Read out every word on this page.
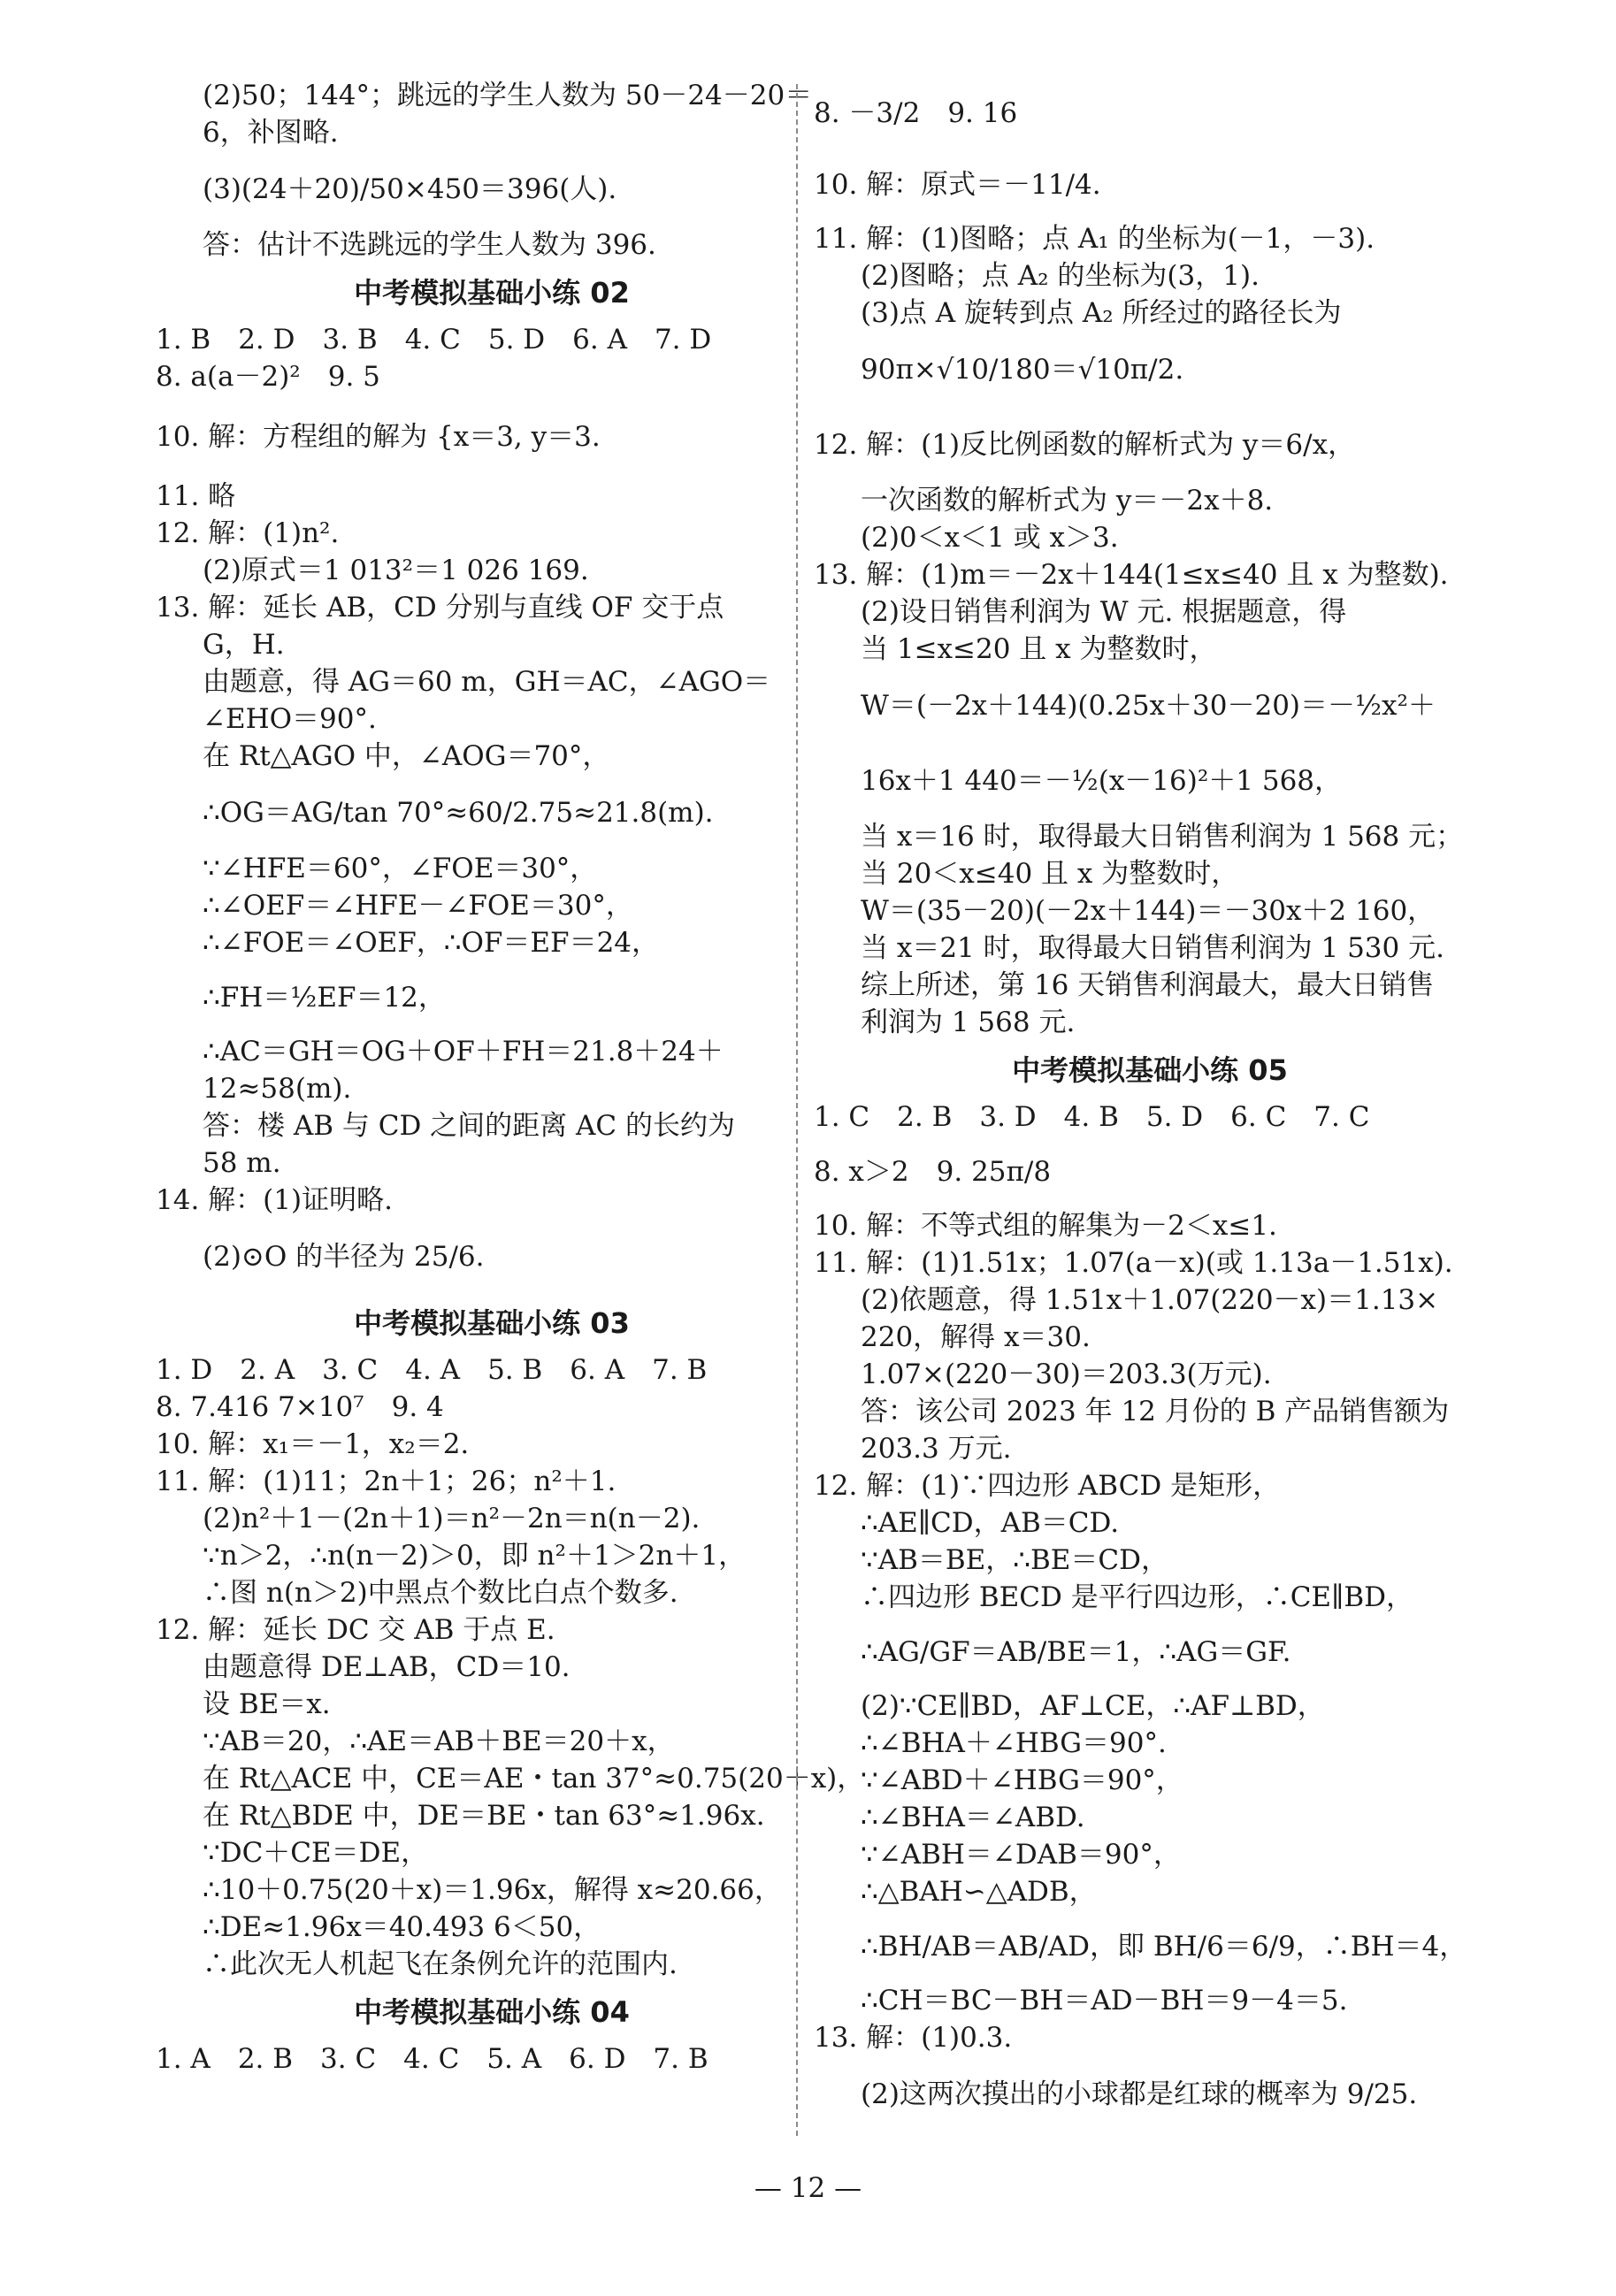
(2)50；144°；跳远的学生人数为 50－24－20＝
6，补图略.
(3)(24＋20)/50×450＝396(人).
答：估计不选跳远的学生人数为 396.
中考模拟基础小练 02
1. B　2. D　3. B　4. C　5. D　6. A　7. D
8. a(a－2)²　9. 5
10. 解：方程组的解为 {x＝3, y＝3.
11. 略
12. 解：(1)n².
(2)原式＝1 013²＝1 026 169.
13. 解：延长 AB，CD 分别与直线 OF 交于点
G，H.
由题意，得 AG＝60 m，GH＝AC，∠AGO＝
∠EHO＝90°.
在 Rt△AGO 中，∠AOG＝70°，
∴OG＝AG/tan 70°≈60/2.75≈21.8(m).
∵∠HFE＝60°，∠FOE＝30°，
∴∠OEF＝∠HFE－∠FOE＝30°，
∴∠FOE＝∠OEF，∴OF＝EF＝24，
∴FH＝½EF＝12，
∴AC＝GH＝OG＋OF＋FH＝21.8＋24＋
12≈58(m).
答：楼 AB 与 CD 之间的距离 AC 的长约为
58 m.
14. 解：(1)证明略.
(2)⊙O 的半径为 25/6.
中考模拟基础小练 03
1. D　2. A　3. C　4. A　5. B　6. A　7. B
8. 7.416 7×10⁷　9. 4
10. 解：x₁＝－1，x₂＝2.
11. 解：(1)11；2n＋1；26；n²＋1.
(2)n²＋1－(2n＋1)＝n²－2n＝n(n－2).
∵n＞2，∴n(n－2)＞0，即 n²＋1＞2n＋1，
∴图 n(n＞2)中黑点个数比白点个数多.
12. 解：延长 DC 交 AB 于点 E.
由题意得 DE⊥AB，CD＝10.
设 BE＝x.
∵AB＝20，∴AE＝AB＋BE＝20＋x，
在 Rt△ACE 中，CE＝AE・tan 37°≈0.75(20＋x)，
在 Rt△BDE 中，DE＝BE・tan 63°≈1.96x.
∵DC＋CE＝DE，
∴10＋0.75(20＋x)＝1.96x，解得 x≈20.66，
∴DE≈1.96x＝40.493 6＜50，
∴此次无人机起飞在条例允许的范围内.
中考模拟基础小练 04
1. A　2. B　3. C　4. C　5. A　6. D　7. B
8. －3/2　9. 16
10. 解：原式＝－11/4.
11. 解：(1)图略；点 A₁ 的坐标为(－1，－3).
(2)图略；点 A₂ 的坐标为(3，1).
(3)点 A 旋转到点 A₂ 所经过的路径长为
90π×√10/180＝√10π/2.
12. 解：(1)反比例函数的解析式为 y＝6/x，
一次函数的解析式为 y＝－2x＋8.
(2)0＜x＜1 或 x＞3.
13. 解：(1)m＝－2x＋144(1≤x≤40 且 x 为整数).
(2)设日销售利润为 W 元. 根据题意，得
当 1≤x≤20 且 x 为整数时，
W＝(－2x＋144)(0.25x＋30－20)＝－½x²＋
16x＋1 440＝－½(x－16)²＋1 568，
当 x＝16 时，取得最大日销售利润为 1 568 元；
当 20＜x≤40 且 x 为整数时，
W＝(35－20)(－2x＋144)＝－30x＋2 160，
当 x＝21 时，取得最大日销售利润为 1 530 元.
综上所述，第 16 天销售利润最大，最大日销售
利润为 1 568 元.
中考模拟基础小练 05
1. C　2. B　3. D　4. B　5. D　6. C　7. C
8. x＞2　9. 25π/8
10. 解：不等式组的解集为－2＜x≤1.
11. 解：(1)1.51x；1.07(a－x)(或 1.13a－1.51x).
(2)依题意，得 1.51x＋1.07(220－x)＝1.13×
220，解得 x＝30.
1.07×(220－30)＝203.3(万元).
答：该公司 2023 年 12 月份的 B 产品销售额为
203.3 万元.
12. 解：(1)∵四边形 ABCD 是矩形，
∴AE∥CD，AB＝CD.
∵AB＝BE，∴BE＝CD，
∴四边形 BECD 是平行四边形，∴CE∥BD，
∴AG/GF＝AB/BE＝1，∴AG＝GF.
(2)∵CE∥BD，AF⊥CE，∴AF⊥BD，
∴∠BHA＋∠HBG＝90°.
∵∠ABD＋∠HBG＝90°，
∴∠BHA＝∠ABD.
∵∠ABH＝∠DAB＝90°，
∴△BAH∽△ADB，
∴BH/AB＝AB/AD，即 BH/6＝6/9，∴BH＝4，
∴CH＝BC－BH＝AD－BH＝9－4＝5.
13. 解：(1)0.3.
(2)这两次摸出的小球都是红球的概率为 9/25.
— 12 —
